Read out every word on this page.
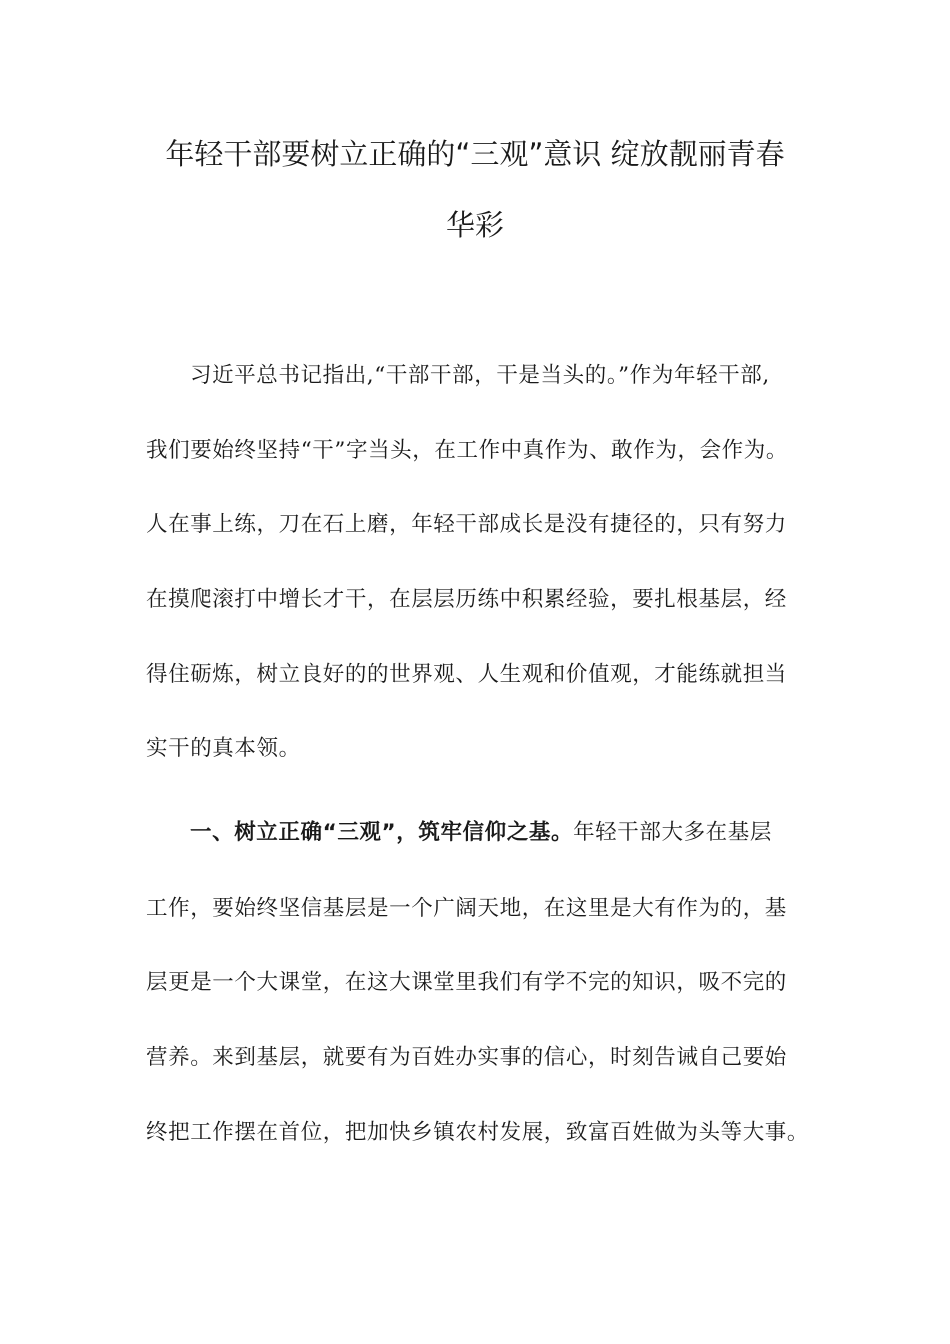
年轻干部要树立正确的“三观”意识 绽放靓丽青春
华彩
习近平总书记指出,“干部干部，干是当头的。”作为年轻干部,
我们要始终坚持“干”字当头，在工作中真作为、敢作为，会作为。
人在事上练，刀在石上磨，年轻干部成长是没有捷径的，只有努力
在摸爬滚打中增长才干，在层层历练中积累经验，要扎根基层，经
得住砺炼，树立良好的的世界观、人生观和价值观，才能练就担当
实干的真本领。
一、树立正确“三观”，筑牢信仰之基。年轻干部大多在基层
工作，要始终坚信基层是一个广阔天地，在这里是大有作为的，基
层更是一个大课堂，在这大课堂里我们有学不完的知识，吸不完的
营养。来到基层，就要有为百姓办实事的信心，时刻告诫自己要始
终把工作摆在首位，把加快乡镇农村发展，致富百姓做为头等大事。
